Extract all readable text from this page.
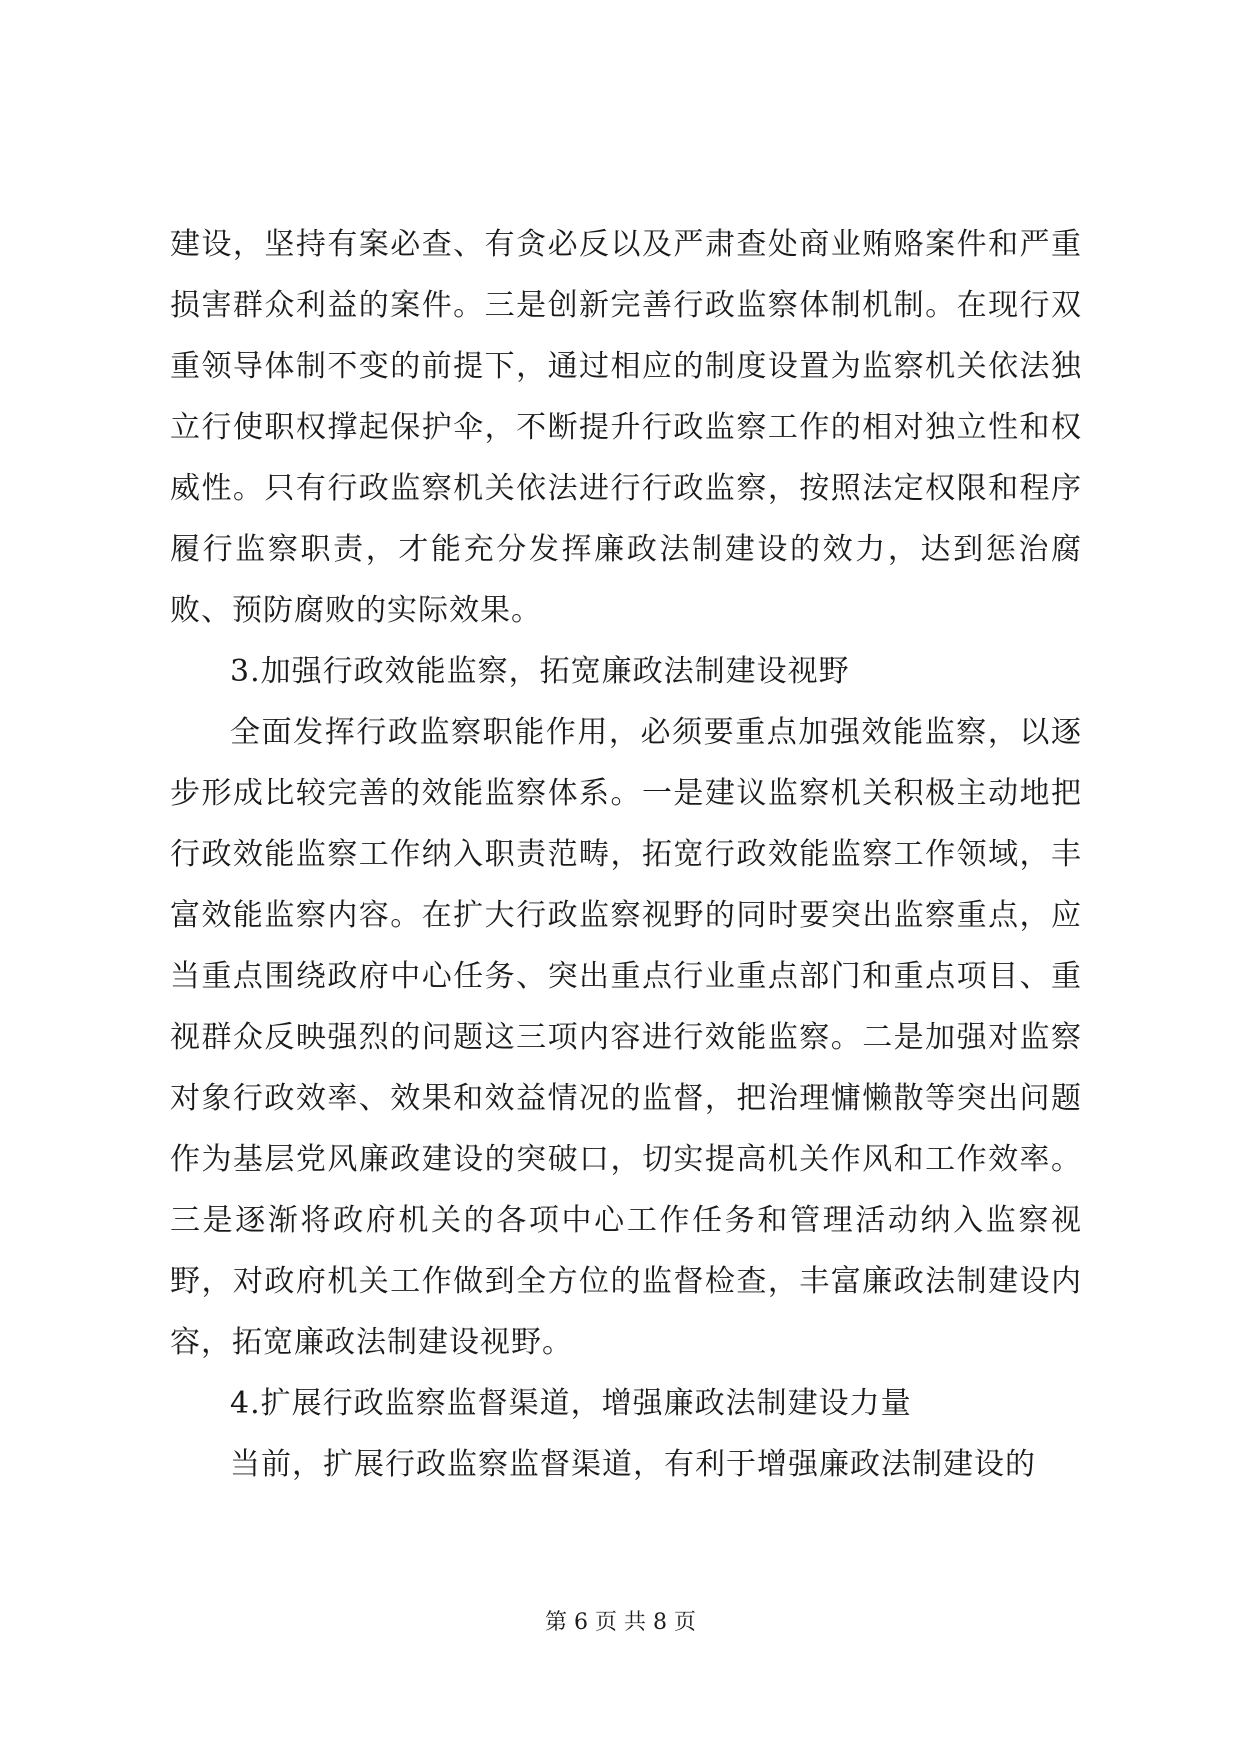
建设，坚持有案必查、有贪必反以及严肃查处商业贿赂案件和严重损害群众利益的案件。三是创新完善行政监察体制机制。在现行双重领导体制不变的前提下，通过相应的制度设置为监察机关依法独立行使职权撑起保护伞，不断提升行政监察工作的相对独立性和权威性。只有行政监察机关依法进行行政监察，按照法定权限和程序履行监察职责，才能充分发挥廉政法制建设的效力，达到惩治腐败、预防腐败的实际效果。

3.加强行政效能监察，拓宽廉政法制建设视野

全面发挥行政监察职能作用，必须要重点加强效能监察，以逐步形成比较完善的效能监察体系。一是建议监察机关积极主动地把行政效能监察工作纳入职责范畴，拓宽行政效能监察工作领域，丰富效能监察内容。在扩大行政监察视野的同时要突出监察重点，应当重点围绕政府中心任务、突出重点行业重点部门和重点项目、重视群众反映强烈的问题这三项内容进行效能监察。二是加强对监察对象行政效率、效果和效益情况的监督，把治理慵懒散等突出问题作为基层党风廉政建设的突破口，切实提高机关作风和工作效率。三是逐渐将政府机关的各项中心工作任务和管理活动纳入监察视野，对政府机关工作做到全方位的监督检查，丰富廉政法制建设内容，拓宽廉政法制建设视野。

4.扩展行政监察监督渠道，增强廉政法制建设力量

当前，扩展行政监察监督渠道，有利于增强廉政法制建设的

第 6 页 共 8 页
